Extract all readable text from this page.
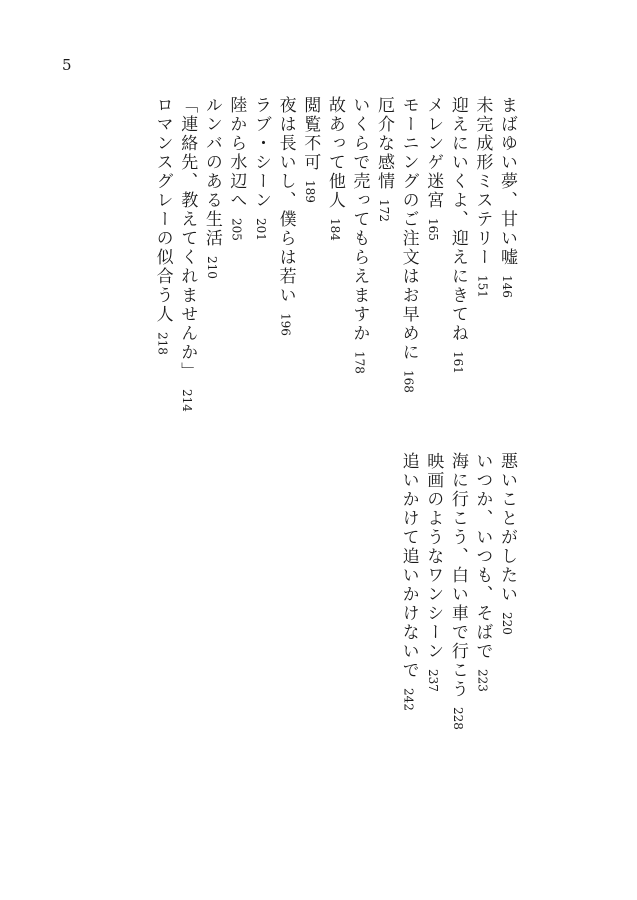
5
まばゆい夢、甘い嘘146
未完成形ミステリー151
迎えにいくよ、迎えにきてね161
メレンゲ迷宮165
モーニングのご注文はお早めに168
厄介な感情172
いくらで売ってもらえますか178
故あって他人184
閲覧不可189
夜は長いし、僕らは若い196
ラブ・シーン201
陸から水辺へ205
ルンバのある生活210
「連絡先、教えてくれませんか」214
ロマンスグレーの似合う人218
悪いことがしたい220
いつか、いつも、そばで223
海に行こう、白い車で行こう228
映画のようなワンシーン237
追いかけて追いかけないで242
